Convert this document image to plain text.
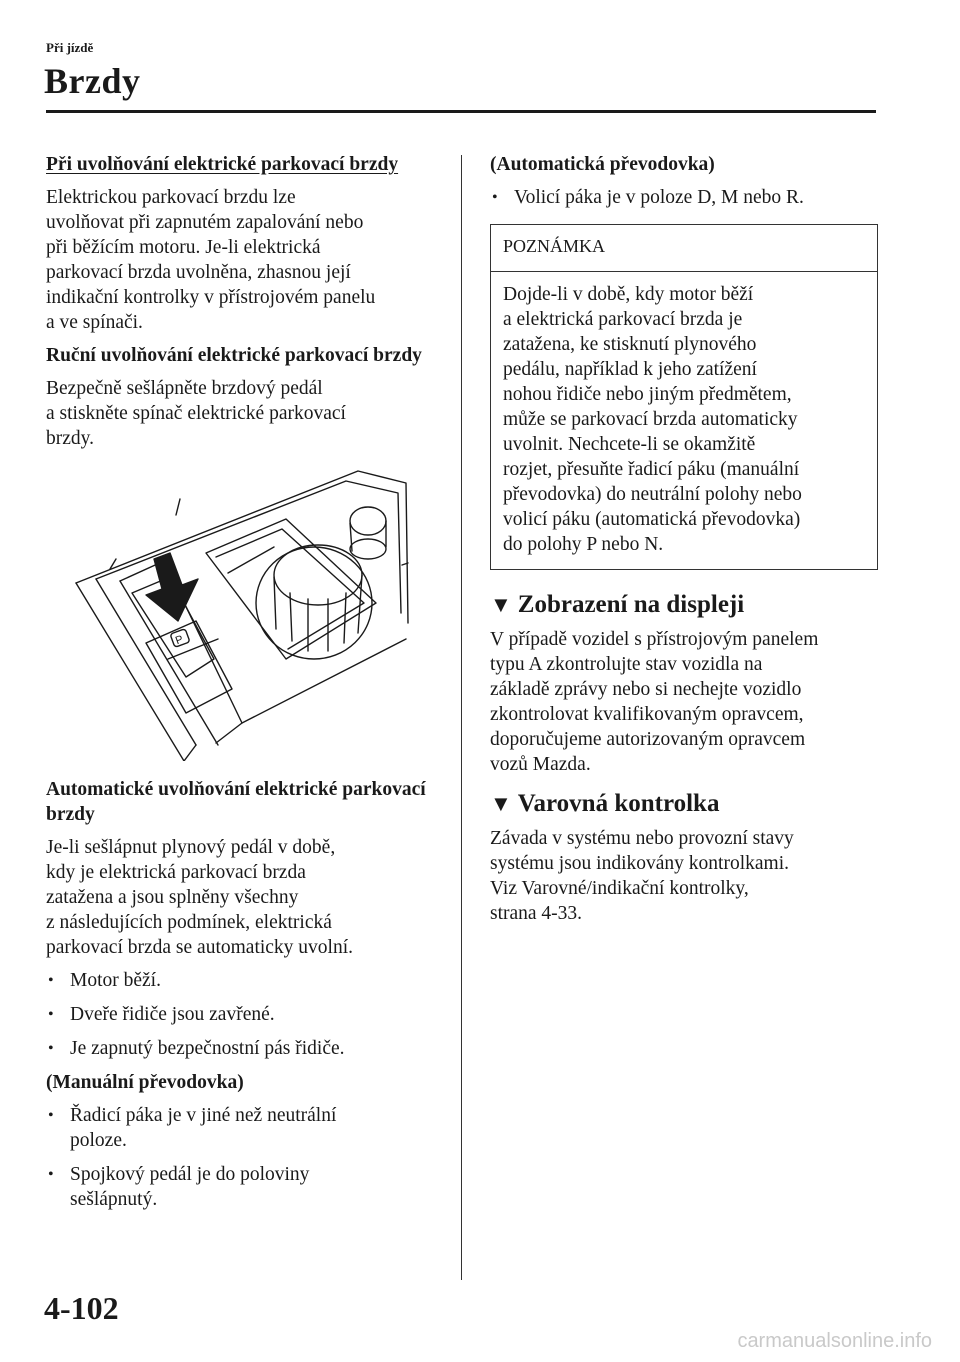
Při jízdě
Brzdy
Při uvolňování elektrické parkovací brzdy

Elektrickou parkovací brzdu lze
uvolňovat při zapnutém zapalování nebo
při běžícím motoru. Je-li elektrická
parkovací brzda uvolněna, zhasnou její
indikační kontrolky v přístrojovém panelu
a ve spínači.

Ruční uvolňování elektrické parkovací brzdy

Bezpečně sešlápněte brzdový pedál
a stiskněte spínač elektrické parkovací
brzdy.

P
Automatické uvolňování elektrické parkovací brzdy

Je-li sešlápnut plynový pedál v době,
kdy je elektrická parkovací brzda
zatažena a jsou splněny všechny
z následujících podmínek, elektrická
parkovací brzda se automaticky uvolní.

• Motor běží.
• Dveře řidiče jsou zavřené.
• Je zapnutý bezpečnostní pás řidiče.
(Manuální převodovka)
• Řadicí páka je v jiné než neutrální
poloze.
• Spojkový pedál je do poloviny
sešlápnutý.
(Automatická převodovka)
• Volicí páka je v poloze D, M nebo R.
POZNÁMKA
Dojde-li v době, kdy motor běží
a elektrická parkovací brzda je
zatažena, ke stisknutí plynového
pedálu, například k jeho zatížení
nohou řidiče nebo jiným předmětem,
může se parkovací brzda automaticky
uvolnit. Nechcete-li se okamžitě
rozjet, přesuňte řadicí páku (manuální
převodovka) do neutrální polohy nebo
volicí páku (automatická převodovka)
do polohy P nebo N.
▼ Zobrazení na displeji

V případě vozidel s přístrojovým panelem
typu A zkontrolujte stav vozidla na
základě zprávy nebo si nechejte vozidlo
zkontrolovat kvalifikovaným opravcem,
doporučujeme autorizovaným opravcem
vozů Mazda.

▼ Varovná kontrolka

Závada v systému nebo provozní stavy
systému jsou indikovány kontrolkami.
Viz Varovné/indikační kontrolky,
strana 4-33.

4-102
carmanualsonline.info
